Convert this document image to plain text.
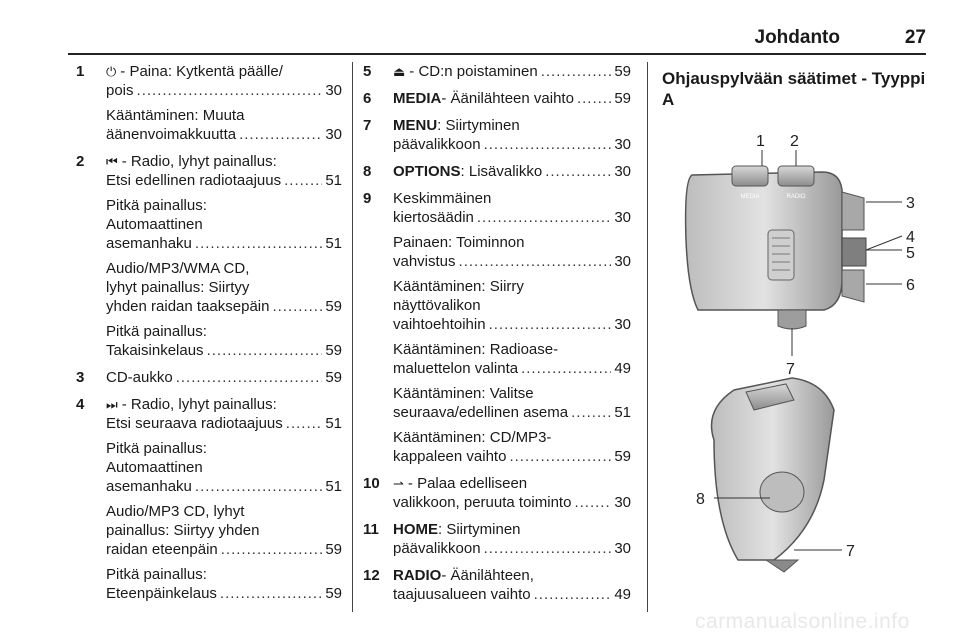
Johdanto	27
1 ⏻ - Paina: Kytkentä päälle/
pois .....	30
Kääntäminen: Muuta
äänenvoimakkuutta .....	30
2 ⏮ - Radio, lyhyt painallus:
Etsi edellinen radiotaajuus .....	51
Pitkä painallus:
Automaattinen
asemanhaku .....	51
Audio/MP3/WMA CD,
lyhyt painallus: Siirtyy
yhden raidan taaksepäin .....	59
Pitkä painallus:
Takaisinkelaus .....	59
3 CD-aukko .....	59
4 ⏭ - Radio, lyhyt painallus:
Etsi seuraava radiotaajuus .....	51
Pitkä painallus:
Automaattinen
asemanhaku .....	51
Audio/MP3 CD, lyhyt
painallus: Siirtyy yhden
raidan eteenpäin .....	59
Pitkä painallus:
Eteenpäinkelaus .....	59
5 ⏏ - CD:n poistaminen .....	59
6 MEDIA- Äänilähteen vaihto .....	59
7 MENU: Siirtyminen
päävalikkoon .....	30
8 OPTIONS: Lisävalikko .....	30
9 Keskimmäinen
kiertosäädin .....	30
Painaen: Toiminnon
vahvistus .....	30
Kääntäminen: Siirry
näyttövalikon
vaihtoehtoihin .....	30
Kääntäminen: Radioase-
maluettelon valinta .....	49
Kääntäminen: Valitse
seuraava/edellinen asema .....	51
Kääntäminen: CD/MP3-
kappaleen vaihto .....	59
10 ⇀ - Palaa edelliseen
valikkoon, peruuta toiminto .....	30
11 HOME: Siirtyminen
päävalikkoon .....	30
12 RADIO- Äänilähteen,
taajuusalueen vaihto .....	49
Ohjauspylvään säätimet - Tyyppi A
MEDIA	RADIO
1 2
3
4
5
6
7
8
7
carmanualsonline.info
